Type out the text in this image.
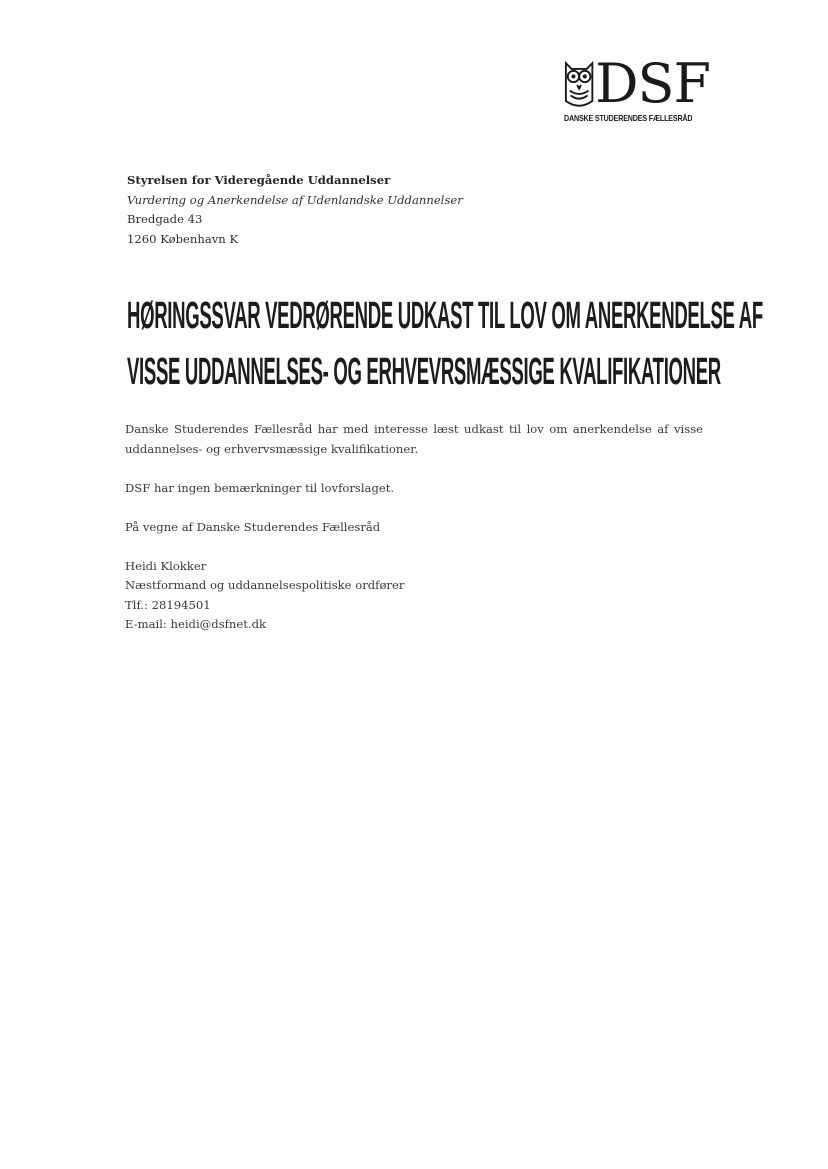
DSF
DANSKE STUDERENDES FÆLLESRÅD
Styrelsen for Videregående Uddannelser
Vurdering og Anerkendelse af Udenlandske Uddannelser
Bredgade 43
1260 København K
HØRINGSSVAR VEDRØRENDE UDKAST TIL LOV OM ANERKENDELSE AF
VISSE UDDANNELSES- OG ERHVEVRSMÆSSIGE KVALIFIKATIONER

Danske Studerendes Fællesråd har med interesse læst udkast til lov om anerkendelse af visse uddannelses- og erhvervsmæssige kvalifikationer.

DSF har ingen bemærkninger til lovforslaget.

På vegne af Danske Studerendes Fællesråd

Heidi Klokker

Næstformand og uddannelsespolitiske ordfører

Tlf.: 28194501

E-mail: heidi@dsfnet.dk
